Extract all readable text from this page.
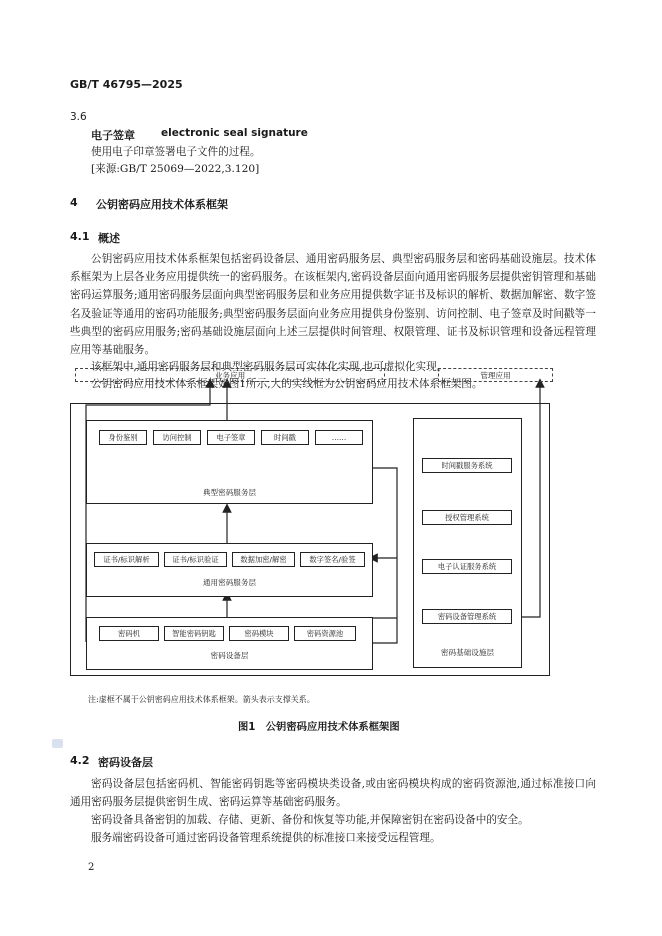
GB/T 46795—2025
3.6
电子签章 electronic seal signature
使用电子印章签署电子文件的过程。
[来源:GB/T 25069—2022,3.120]
4 公钥密码应用技术体系框架
4.1 概述
公钥密码应用技术体系框架包括密码设备层、通用密码服务层、典型密码服务层和密码基础设施层。技术体系框架为上层各业务应用提供统一的密码服务。在该框架内,密码设备层面向通用密码服务层提供密钥管理和基础密码运算服务;通用密码服务层面向典型密码服务层和业务应用提供数字证书及标识的解析、数据加解密、数字签名及验证等通用的密码功能服务;典型密码服务层面向业务应用提供身份鉴别、访问控制、电子签章及时间戳等一些典型的密码应用服务;密码基础设施层面向上述三层提供时间管理、权限管理、证书及标识管理和设备远程管理应用等基础服务。
该框架中,通用密码服务层和典型密码服务层可实体化实现,也可虚拟化实现。
公钥密码应用技术体系框架如图1所示,大的实线框为公钥密码应用技术体系框架图。
业务应用	管理应用
身份鉴别	访问控制	电子签章	时间戳	……
典型密码服务层
证书/标识解析	证书/标识验证	数据加密/解密	数字签名/验签
通用密码服务层
密码机	智能密码钥匙	密码模块	密码资源池
密码设备层
时间戳服务系统
授权管理系统
电子认证服务系统
密码设备管理系统
密码基础设施层
注:虚框不属于公钥密码应用技术体系框架。箭头表示支撑关系。
图1　公钥密码应用技术体系框架图
4.2 密码设备层
密码设备层包括密码机、智能密码钥匙等密码模块类设备,或由密码模块构成的密码资源池,通过标准接口向通用密码服务层提供密钥生成、密码运算等基础密码服务。
密码设备具备密钥的加载、存储、更新、备份和恢复等功能,并保障密钥在密码设备中的安全。
服务端密码设备可通过密码设备管理系统提供的标准接口来接受远程管理。
2
